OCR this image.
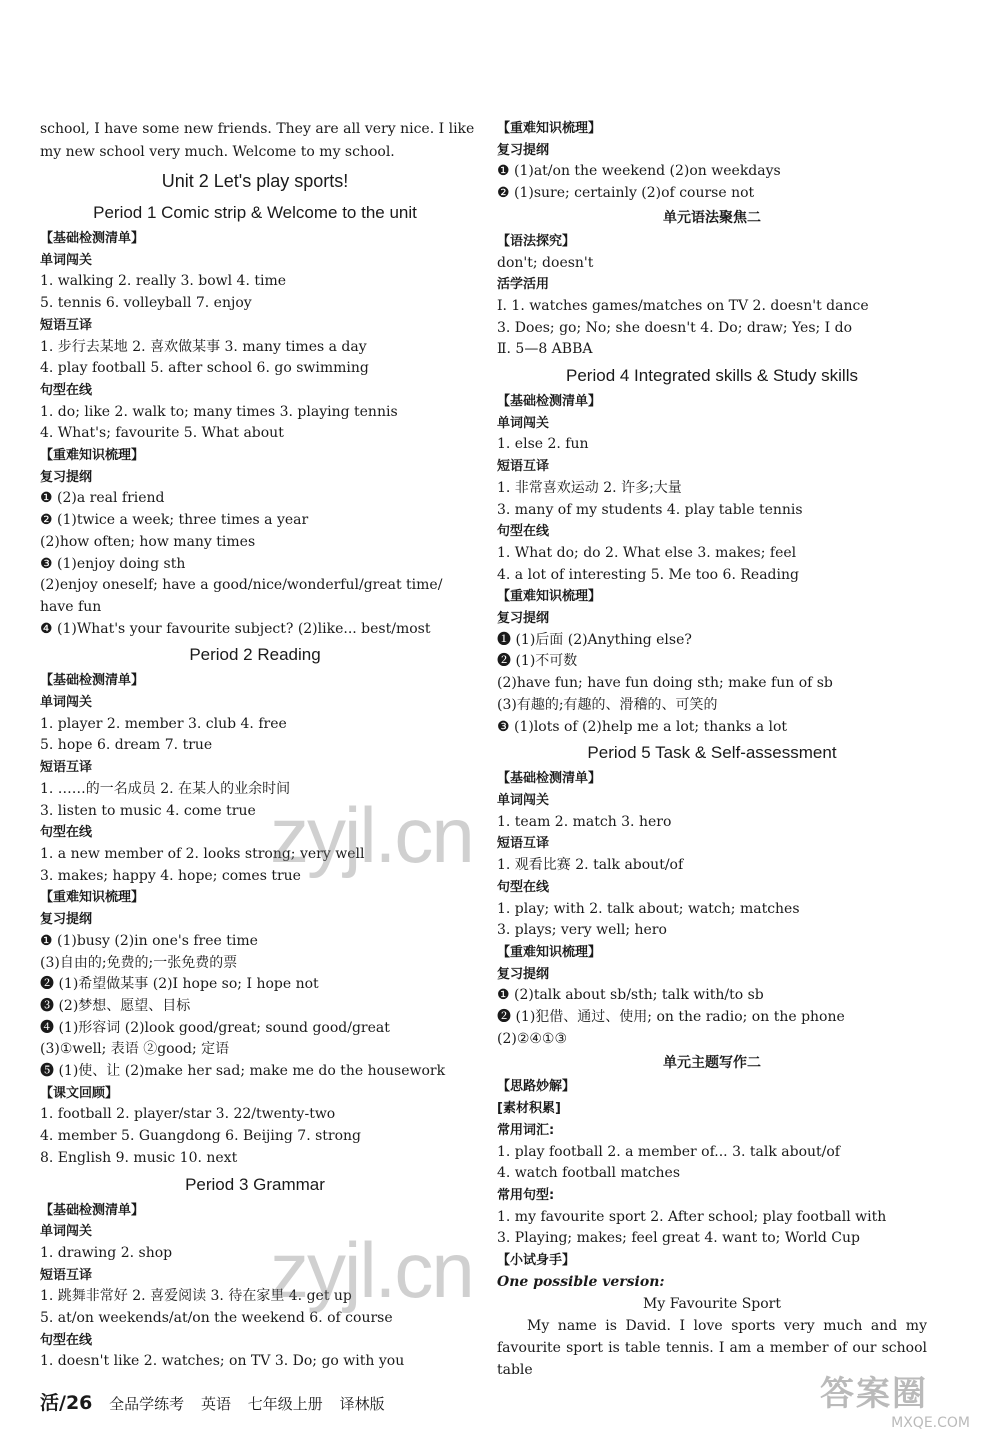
school, I have some new friends. They are all very nice. I like
my new school very much. Welcome to my school.
Unit 2 Let's play sports!
Period 1 Comic strip & Welcome to the unit
【基础检测清单】
单词闯关
1. walking 2. really 3. bowl 4. time
5. tennis 6. volleyball 7. enjoy
短语互译
1. 步行去某地 2. 喜欢做某事 3. many times a day
4. play football 5. after school 6. go swimming
句型在线
1. do; like 2. walk to; many times 3. playing tennis
4. What's; favourite 5. What about
【重难知识梳理】
复习提纲
❶ (2)a real friend
❷ (1)twice a week; three times a year
(2)how often; how many times
❸ (1)enjoy doing sth
(2)enjoy oneself; have a good/nice/wonderful/great time/
have fun
❹ (1)What's your favourite subject? (2)like... best/most
Period 2 Reading
【基础检测清单】
单词闯关
1. player 2. member 3. club 4. free
5. hope 6. dream 7. true
短语互译
1. ……的一名成员 2. 在某人的业余时间
3. listen to music 4. come true
句型在线
1. a new member of 2. looks strong; very well
3. makes; happy 4. hope; comes true
【重难知识梳理】
复习提纲
❶ (1)busy (2)in one's free time
(3)自由的;免费的;一张免费的票
❷ (1)希望做某事 (2)I hope so; I hope not
❸ (2)梦想、愿望、目标
❹ (1)形容词 (2)look good/great; sound good/great
(3)①well; 表语 ②good; 定语
❺ (1)使、让 (2)make her sad; make me do the housework
【课文回顾】
1. football 2. player/star 3. 22/twenty-two
4. member 5. Guangdong 6. Beijing 7. strong
8. English 9. music 10. next
Period 3 Grammar
【基础检测清单】
单词闯关
1. drawing 2. shop
短语互译
1. 跳舞非常好 2. 喜爱阅读 3. 待在家里 4. get up
5. at/on weekends/at/on the weekend 6. of course
句型在线
1. doesn't like 2. watches; on TV 3. Do; go with you
【重难知识梳理】
复习提纲
❶ (1)at/on the weekend (2)on weekdays
❷ (1)sure; certainly (2)of course not
单元语法聚焦二
【语法探究】
don't; doesn't
活学活用
Ⅰ. 1. watches games/matches on TV 2. doesn't dance
3. Does; go; No; she doesn't 4. Do; draw; Yes; I do
Ⅱ. 5—8 ABBA
Period 4 Integrated skills & Study skills
【基础检测清单】
单词闯关
1. else 2. fun
短语互译
1. 非常喜欢运动 2. 许多;大量
3. many of my students 4. play table tennis
句型在线
1. What do; do 2. What else 3. makes; feel
4. a lot of interesting 5. Me too 6. Reading
【重难知识梳理】
复习提纲
❶ (1)后面 (2)Anything else?
❷ (1)不可数
(2)have fun; have fun doing sth; make fun of sb
(3)有趣的;有趣的、滑稽的、可笑的
❸ (1)lots of (2)help me a lot; thanks a lot
Period 5 Task & Self-assessment
【基础检测清单】
单词闯关
1. team 2. match 3. hero
短语互译
1. 观看比赛 2. talk about/of
句型在线
1. play; with 2. talk about; watch; matches
3. plays; very well; hero
【重难知识梳理】
复习提纲
❶ (2)talk about sb/sth; talk with/to sb
❷ (1)犯借、通过、使用; on the radio; on the phone
(2)②④①③
单元主题写作二
【思路妙解】
[素材积累]
常用词汇:
1. play football 2. a member of... 3. talk about/of
4. watch football matches
常用句型:
1. my favourite sport 2. After school; play football with
3. Playing; makes; feel great 4. want to; World Cup
【小试身手】
One possible version:
My Favourite Sport
My name is David. I love sports very much and my favourite sport is table tennis. I am a member of our school table
zyjl.cn
zyjl.cn
答案圈
MXQE.COM
活/26 全品学练考 英语 七年级上册 译林版
